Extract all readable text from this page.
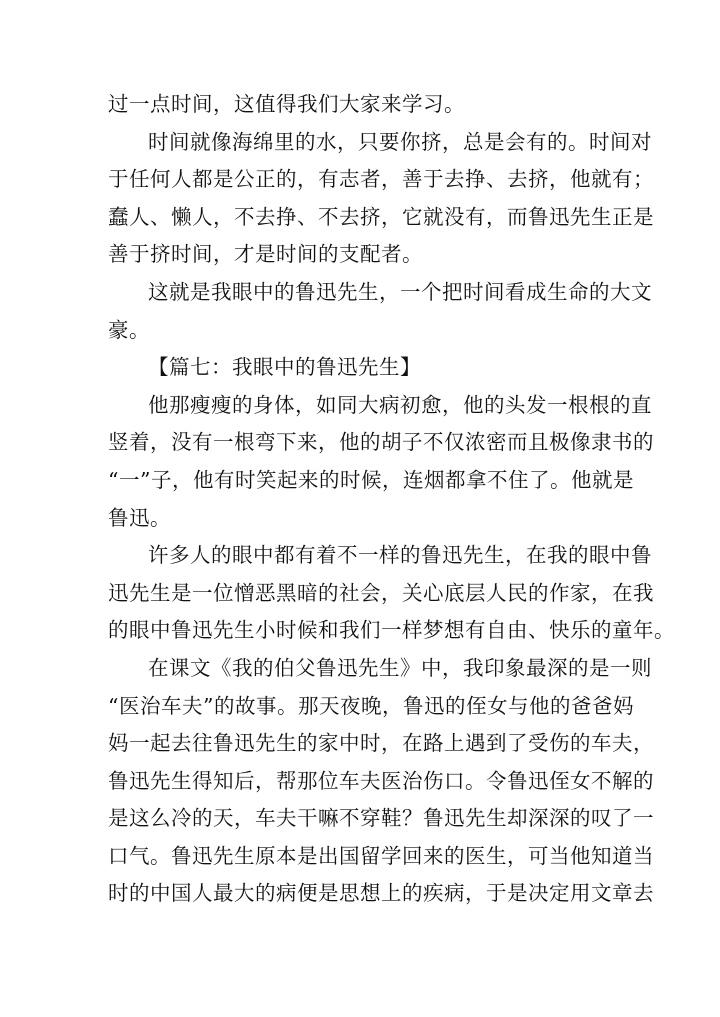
过一点时间，这值得我们大家来学习。
时间就像海绵里的水，只要你挤，总是会有的。时间对
于任何人都是公正的，有志者，善于去挣、去挤，他就有；
蠢人、懒人，不去挣、不去挤，它就没有，而鲁迅先生正是
善于挤时间，才是时间的支配者。
这就是我眼中的鲁迅先生，一个把时间看成生命的大文
豪。
【篇七：我眼中的鲁迅先生】
他那瘦瘦的身体，如同大病初愈，他的头发一根根的直
竖着，没有一根弯下来，他的胡子不仅浓密而且极像隶书的
“一”子，他有时笑起来的时候，连烟都拿不住了。他就是
鲁迅。
许多人的眼中都有着不一样的鲁迅先生，在我的眼中鲁
迅先生是一位憎恶黑暗的社会，关心底层人民的作家，在我
的眼中鲁迅先生小时候和我们一样梦想有自由、快乐的童年。
在课文《我的伯父鲁迅先生》中，我印象最深的是一则
“医治车夫”的故事。那天夜晚，鲁迅的侄女与他的爸爸妈
妈一起去往鲁迅先生的家中时，在路上遇到了受伤的车夫，
鲁迅先生得知后，帮那位车夫医治伤口。令鲁迅侄女不解的
是这么冷的天，车夫干嘛不穿鞋？鲁迅先生却深深的叹了一
口气。鲁迅先生原本是出国留学回来的医生，可当他知道当
时的中国人最大的病便是思想上的疾病，于是决定用文章去
